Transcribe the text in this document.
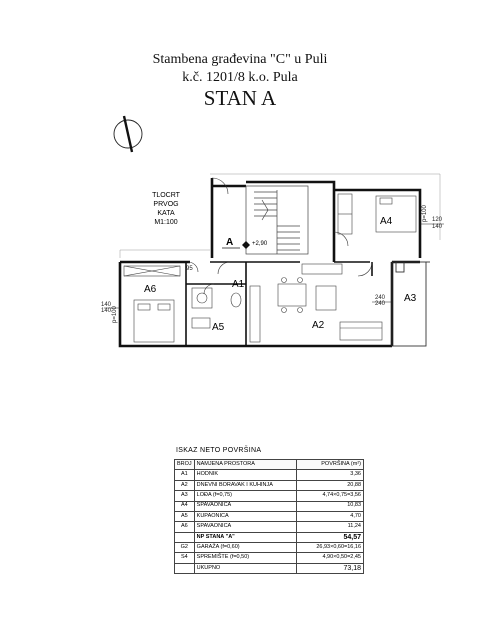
Stambena građevina "C" u Puli
k.č. 1201/8 k.o. Pula
STAN A
TLOCRT
PRVOG
KATA
M1:100	A4
A6	A1
A5	A2
A3
A	+2,90
95
140
140
120
140
240
240
p=100
p=100
ISKAZ NETO POVRŠINA
BROJ	NAMJENA PROSTORA	POVRŠINA (m²)
A1	HODNIK	3,36
A2	DNEVNI BORAVAK I KUHINJA	20,88
A3	LOĐA (f=0,75)	4,74×0,75=3,56
A4	SPAVAONICA	10,83
A5	KUPAONICA	4,70
A6	SPAVAONICA	11,24
	NP STANA "A"	54,57
G2	GARAŽA (f=0,60)	26,93×0,60=16,16
S4	SPREMIŠTE (f=0,50)	4,90×0,50=2,45
	UKUPNO	73,18
